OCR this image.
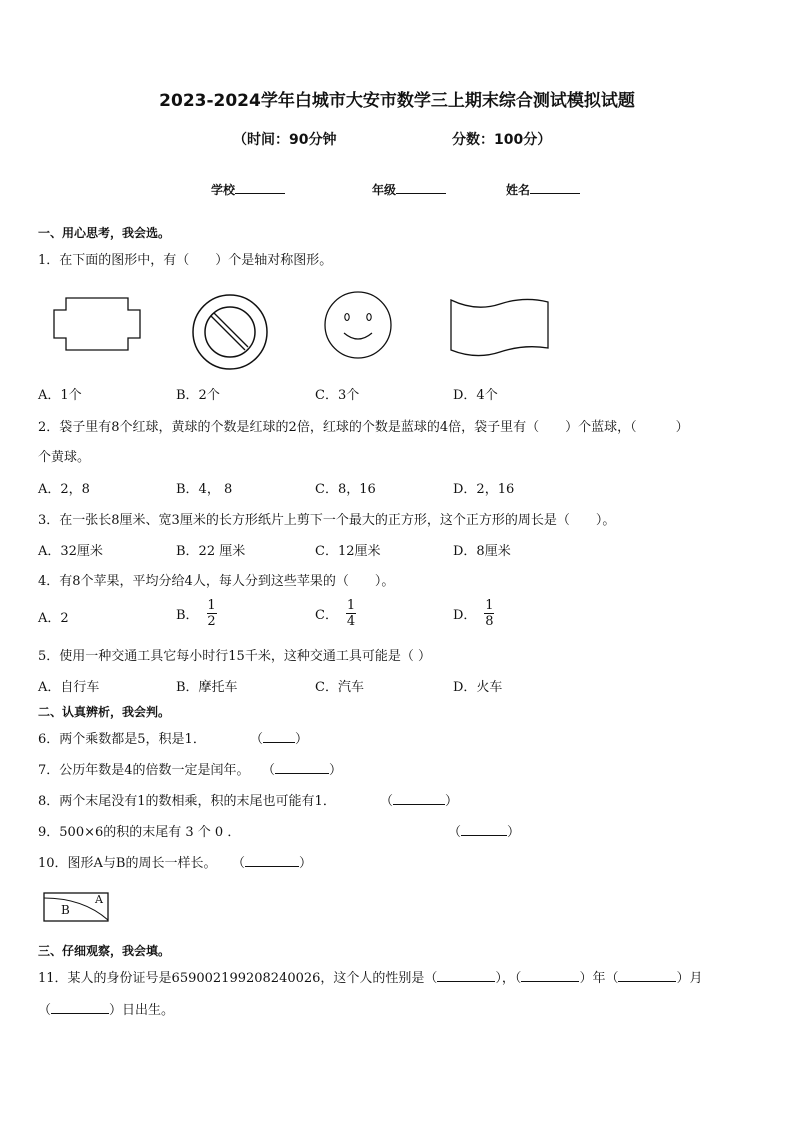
2023-2024学年白城市大安市数学三上期末综合测试模拟试题
（时间：90分钟	分数：100分）
学校	年级	姓名
一、用心思考，我会选。
1．在下面的图形中，有（　　）个是轴对称图形。
A．1个	B．2个	C．3个	D．4个
2．袋子里有8个红球，黄球的个数是红球的2倍，红球的个数是蓝球的4倍，袋子里有（　　）个蓝球，（　　　）
个黄球。
A．2，8	B．4， 8	C．8，16	D．2，16
3．在一张长8厘米、宽3厘米的长方形纸片上剪下一个最大的正方形，这个正方形的周长是（　　）。
A．32厘米	B．22 厘米	C．12厘米	D．8厘米
4．有8个苹果，平均分给4人，每人分到这些苹果的（　　）。
A．2	B． $\frac{1}{2}$	C． $\frac{1}{4}$	D． $\frac{1}{8}$
5．使用一种交通工具它每小时行15千米，这种交通工具可能是（ ）
A．自行车	B．摩托车	C．汽车	D．火车
二、认真辨析，我会判。
6．两个乘数都是5，积是1．	（ ）
7．公历年数是4的倍数一定是闰年。 （	）
8．两个末尾没有1的数相乘，积的末尾也可能有1．	（	）
9．500×6的积的末尾有 3 个 0 ．	（	）
10．图形A与B的周长一样长。 （	）
B
A
三、仔细观察，我会填。
11．某人的身份证号是659002199208240026，这个人的性别是（	），（	）年（	）月
（	）日出生。
